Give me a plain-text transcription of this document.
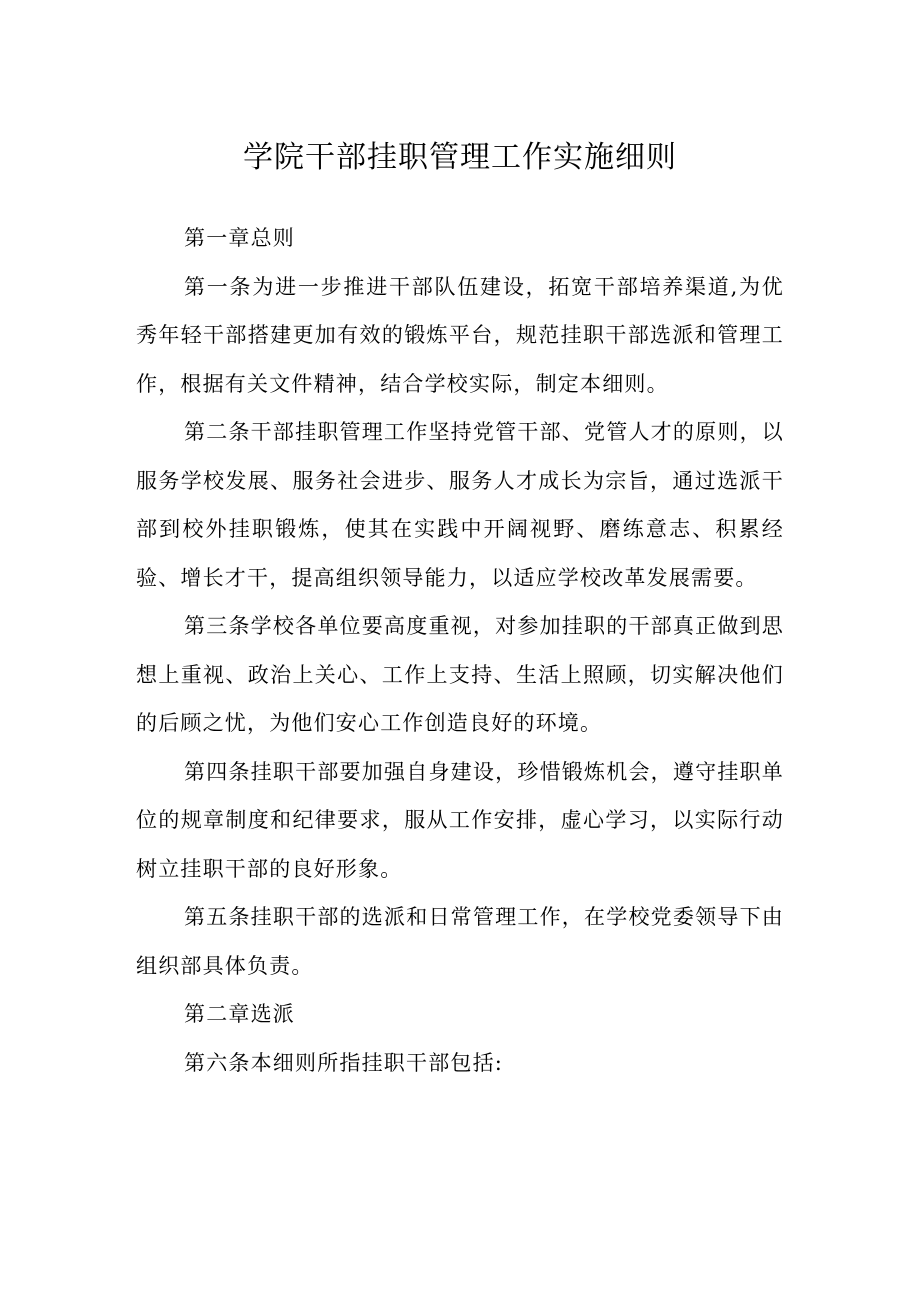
学院干部挂职管理工作实施细则

第一章总则

第一条为进一步推进干部队伍建设，拓宽干部培养渠道,为优秀年轻干部搭建更加有效的锻炼平台，规范挂职干部选派和管理工作，根据有关文件精神，结合学校实际，制定本细则。

第二条干部挂职管理工作坚持党管干部、党管人才的原则，以服务学校发展、服务社会进步、服务人才成长为宗旨，通过选派干部到校外挂职锻炼，使其在实践中开阔视野、磨练意志、积累经验、增长才干，提高组织领导能力，以适应学校改革发展需要。

第三条学校各单位要高度重视，对参加挂职的干部真正做到思想上重视、政治上关心、工作上支持、生活上照顾，切实解决他们的后顾之忧，为他们安心工作创造良好的环境。

第四条挂职干部要加强自身建设，珍惜锻炼机会，遵守挂职单位的规章制度和纪律要求，服从工作安排，虚心学习，以实际行动树立挂职干部的良好形象。

第五条挂职干部的选派和日常管理工作，在学校党委领导下由组织部具体负责。

第二章选派

第六条本细则所指挂职干部包括:
